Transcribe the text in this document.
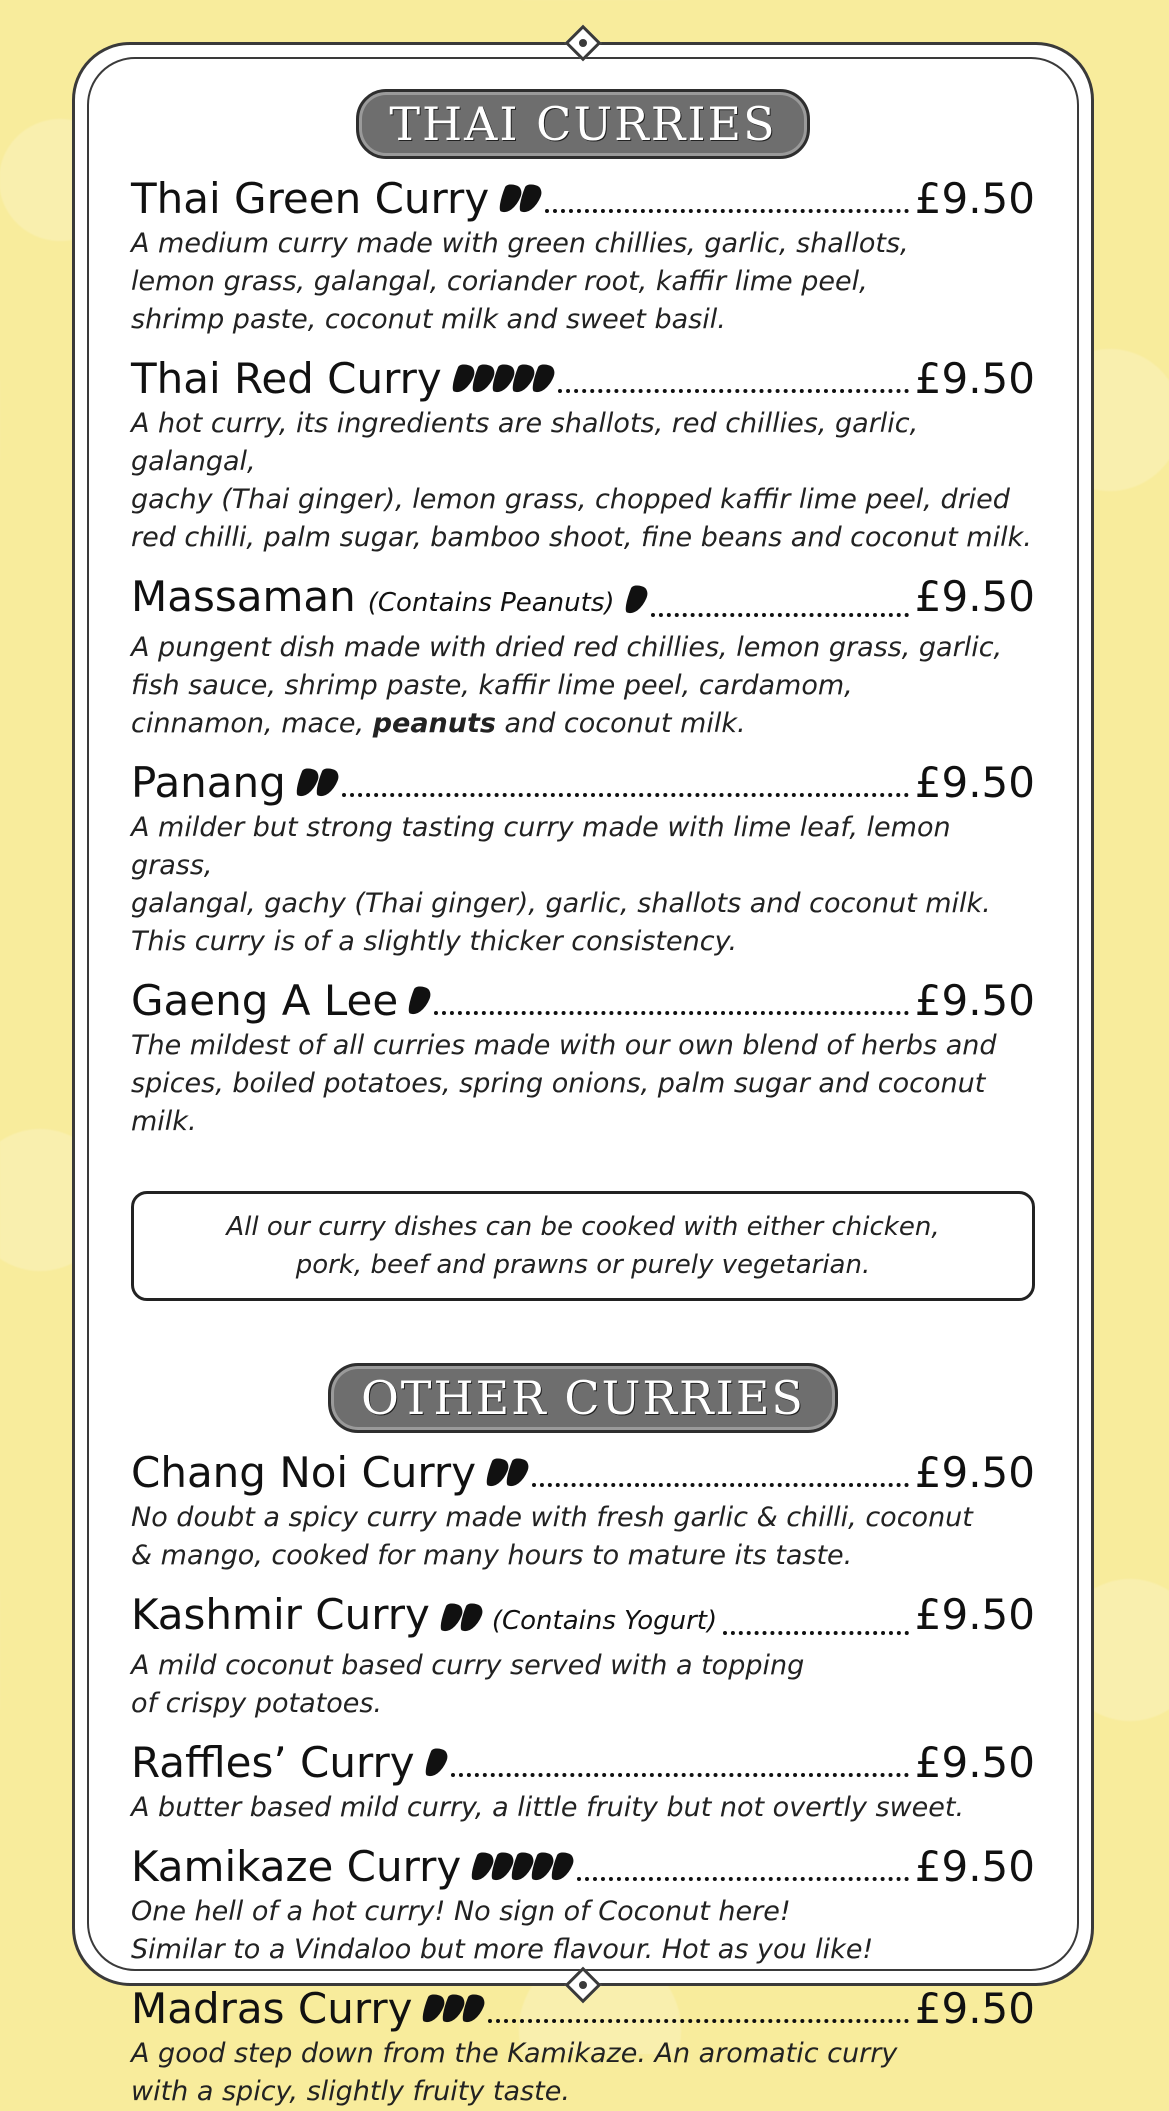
THAI CURRIES
Thai Green Curry	£9.50
A medium curry made with green chillies, garlic, shallots,
lemon grass, galangal, coriander root, kaffir lime peel,
shrimp paste, coconut milk and sweet basil.
Thai Red Curry	£9.50
A hot curry, its ingredients are shallots, red chillies, garlic, galangal,
gachy (Thai ginger), lemon grass, chopped kaffir lime peel, dried
red chilli, palm sugar, bamboo shoot, fine beans and coconut milk.
Massaman (Contains Peanuts)	£9.50
A pungent dish made with dried red chillies, lemon grass, garlic,
fish sauce, shrimp paste, kaffir lime peel, cardamom,
cinnamon, mace, peanuts and coconut milk.
Panang	£9.50
A milder but strong tasting curry made with lime leaf, lemon grass,
galangal, gachy (Thai ginger), garlic, shallots and coconut milk.
This curry is of a slightly thicker consistency.
Gaeng A Lee	£9.50
The mildest of all curries made with our own blend of herbs and
spices, boiled potatoes, spring onions, palm sugar and coconut milk.
All our curry dishes can be cooked with either chicken,
pork, beef and prawns or purely vegetarian.
OTHER CURRIES
Chang Noi Curry	£9.50
No doubt a spicy curry made with fresh garlic & chilli, coconut
& mango, cooked for many hours to mature its taste.
Kashmir Curry (Contains Yogurt)	£9.50
A mild coconut based curry served with a topping
of crispy potatoes.
Raffles’ Curry	£9.50
A butter based mild curry, a little fruity but not overtly sweet.
Kamikaze Curry	£9.50
One hell of a hot curry! No sign of Coconut here!
Similar to a Vindaloo but more flavour. Hot as you like!
Madras Curry	£9.50
A good step down from the Kamikaze. An aromatic curry
with a spicy, slightly fruity taste.
